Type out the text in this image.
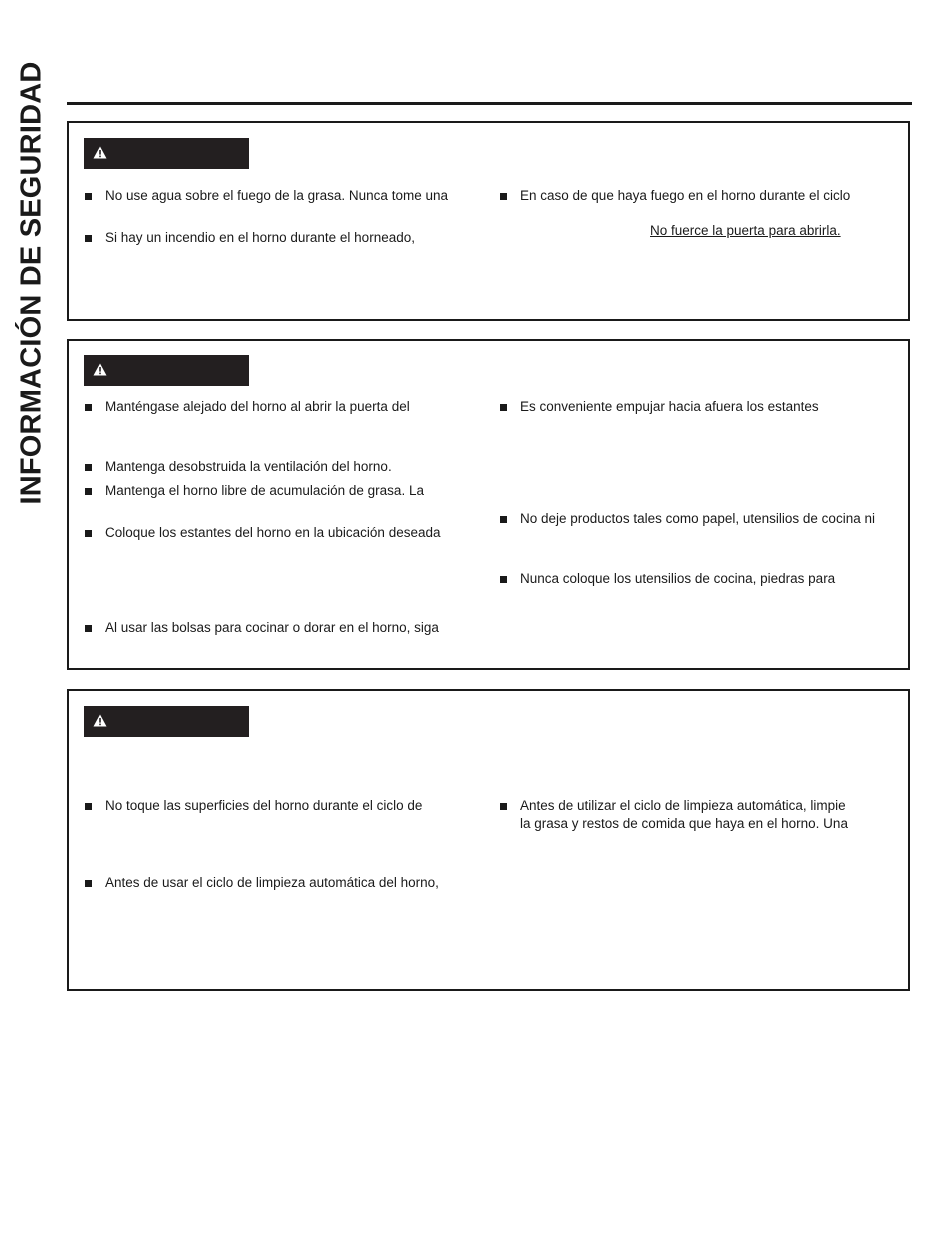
INFORMACIÓN DE SEGURIDAD	No use agua sobre el fuego de la grasa. Nunca tome una
Si hay un incendio en el horno durante el horneado,
En caso de que haya fuego en el horno durante el ciclo
No fuerce la puerta para abrirla.
Manténgase alejado del horno al abrir la puerta del
Mantenga desobstruida la ventilación del horno.
Mantenga el horno libre de acumulación de grasa. La
Coloque los estantes del horno en la ubicación deseada
Al usar las bolsas para cocinar o dorar en el horno, siga
Es conveniente empujar hacia afuera los estantes
No deje productos tales como papel, utensilios de cocina ni
Nunca coloque los utensilios de cocina, piedras para
No toque las superficies del horno durante el ciclo de
Antes de usar el ciclo de limpieza automática del horno,
Antes de utilizar el ciclo de limpieza automática, limpie
la grasa y restos de comida que haya en el horno. Una
